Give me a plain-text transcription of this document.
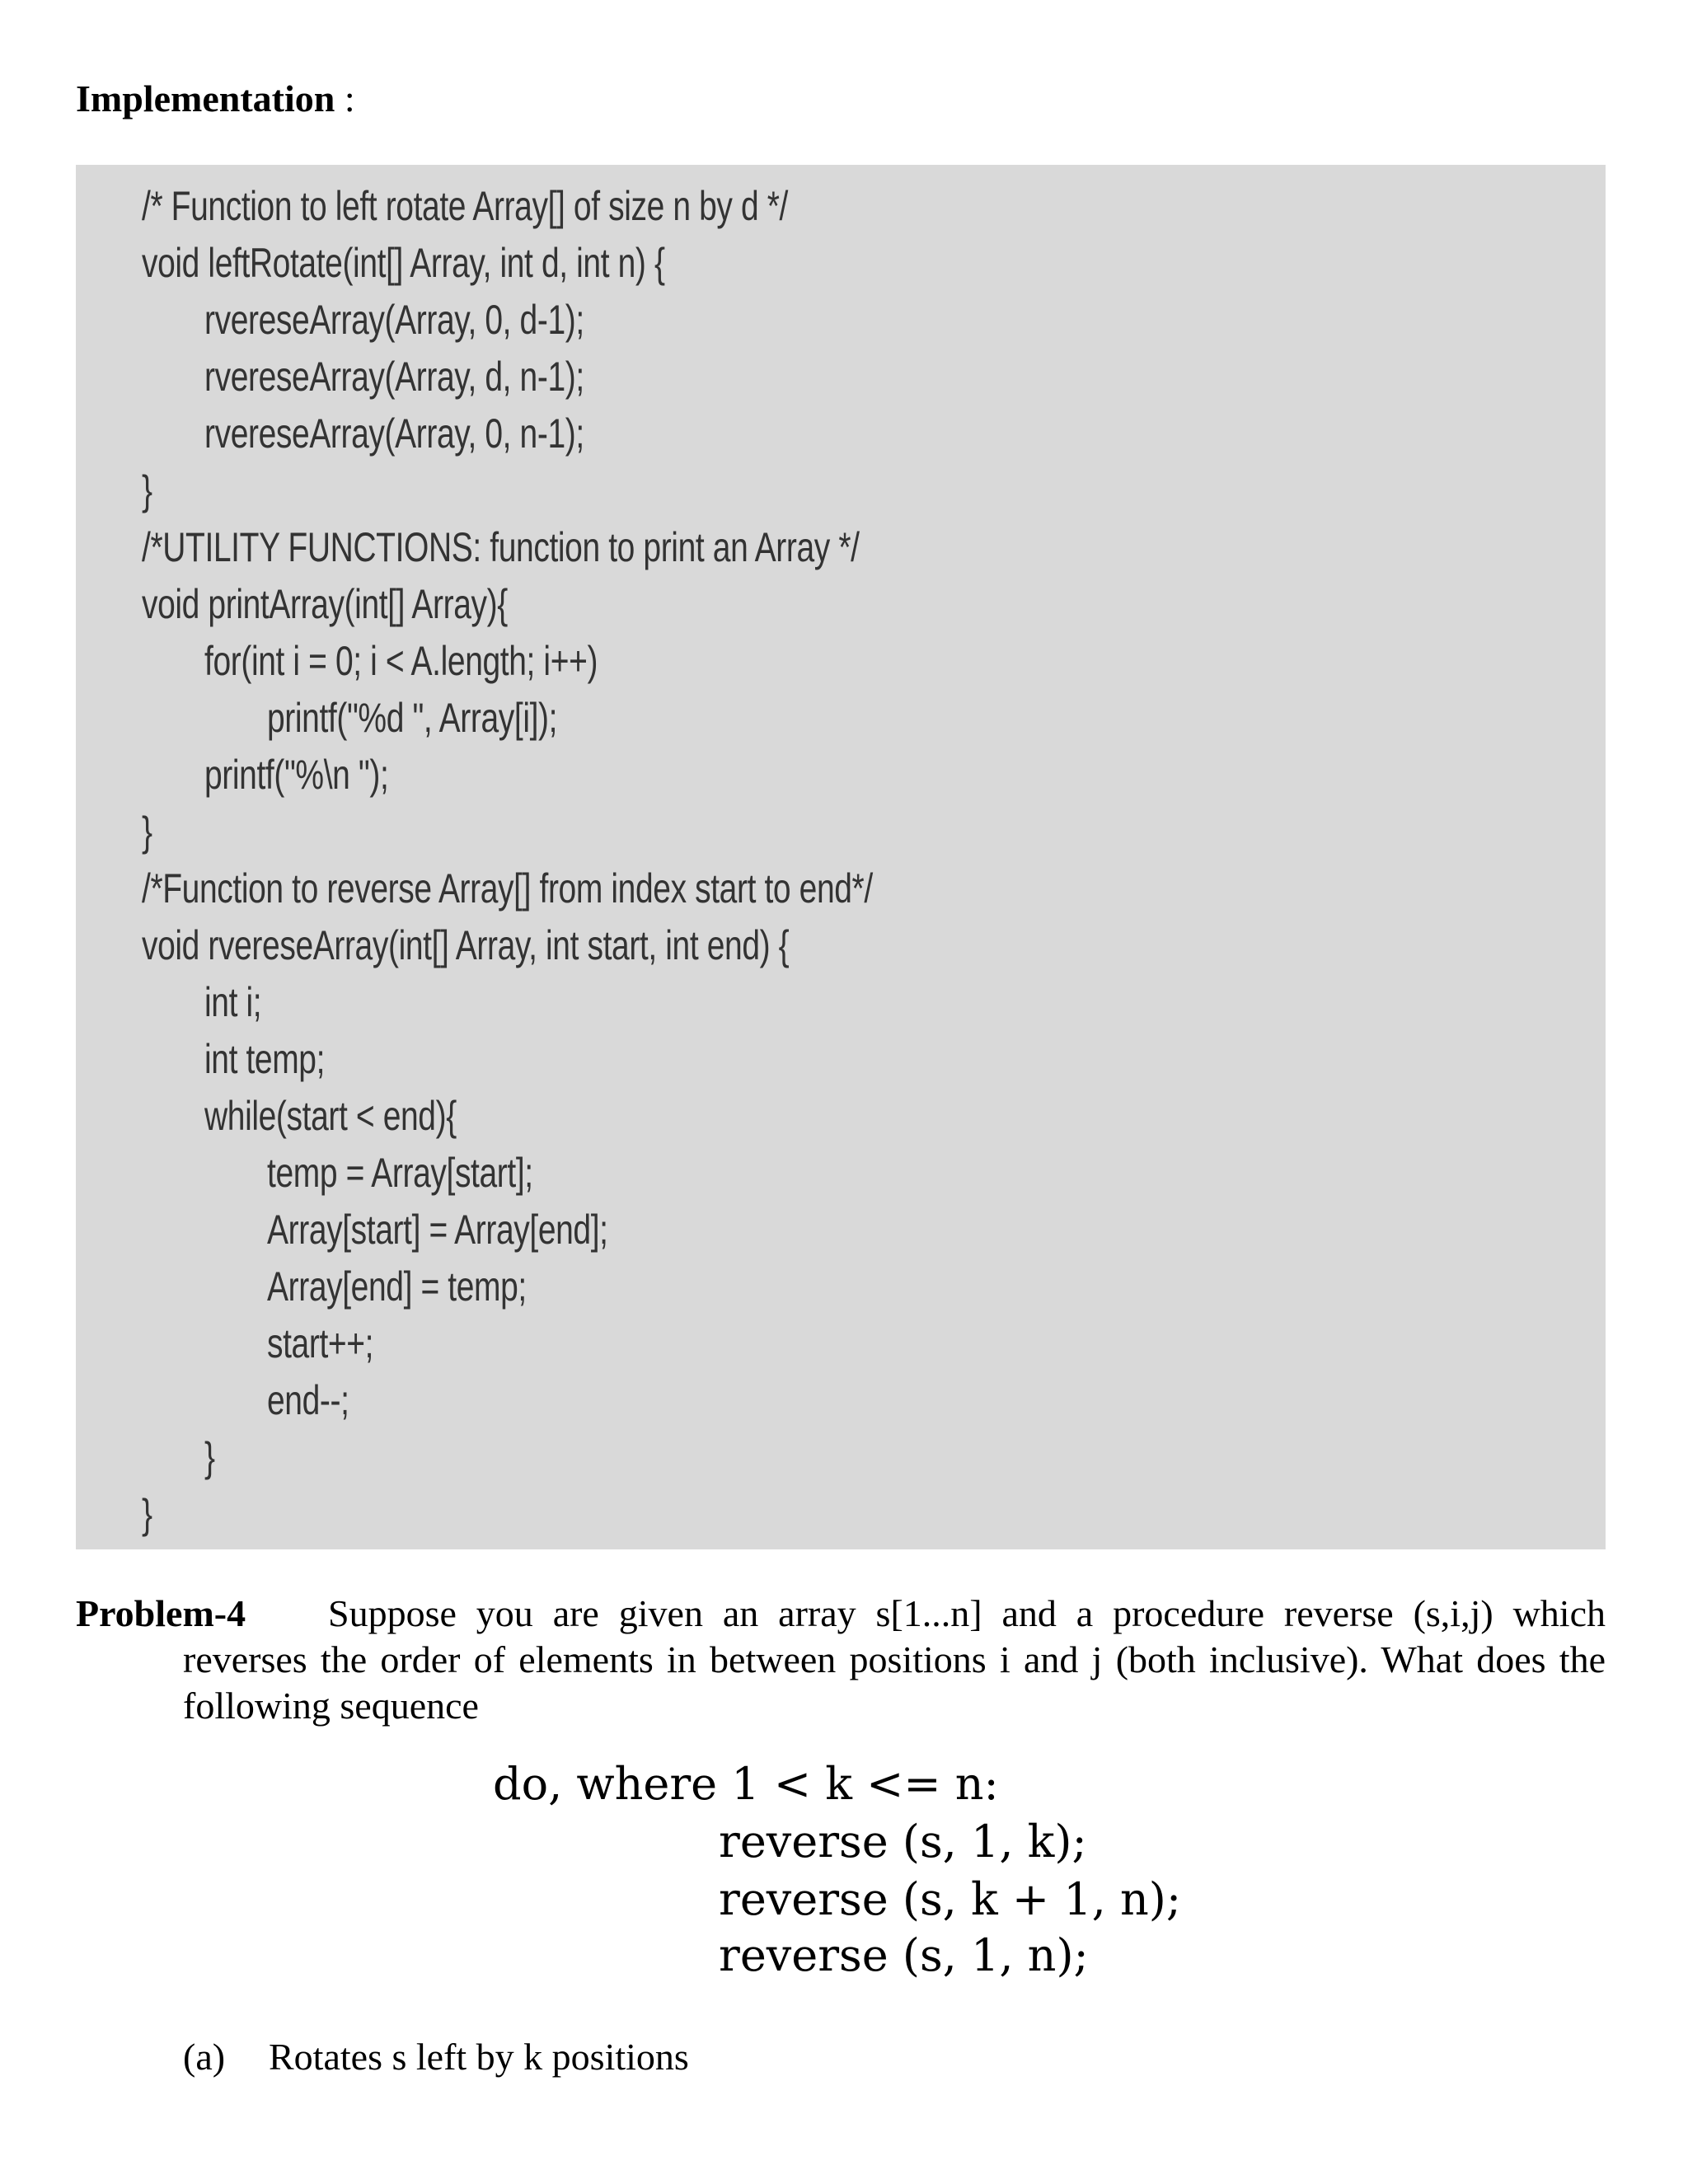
Implementation :
/* Function to left rotate Array[] of size n by d */
void leftRotate(int[] Array, int d, int n) {
rvereseArray(Array, 0, d-1);
rvereseArray(Array, d, n-1);
rvereseArray(Array, 0, n-1);
}
/*UTILITY FUNCTIONS: function to print an Array */
void printArray(int[] Array){
for(int i = 0; i < A.length; i++)
printf("%d ", Array[i]);
printf("%\n ");
}
/*Function to reverse Array[] from index start to end*/
void rvereseArray(int[] Array, int start, int end) {
int i;
int temp;
while(start < end){
temp = Array[start];
Array[start] = Array[end];
Array[end] = temp;
start++;
end--;
}
}
Problem-4	Suppose you are given an array s[1...n] and a procedure reverse (s,i,j) which reverses the order of elements in between positions i and j (both inclusive). What does the following sequence
do, where 1 < k <= n:
reverse (s, 1, k);
reverse (s, k + 1, n);
reverse (s, 1, n);
(a) Rotates s left by k positions
